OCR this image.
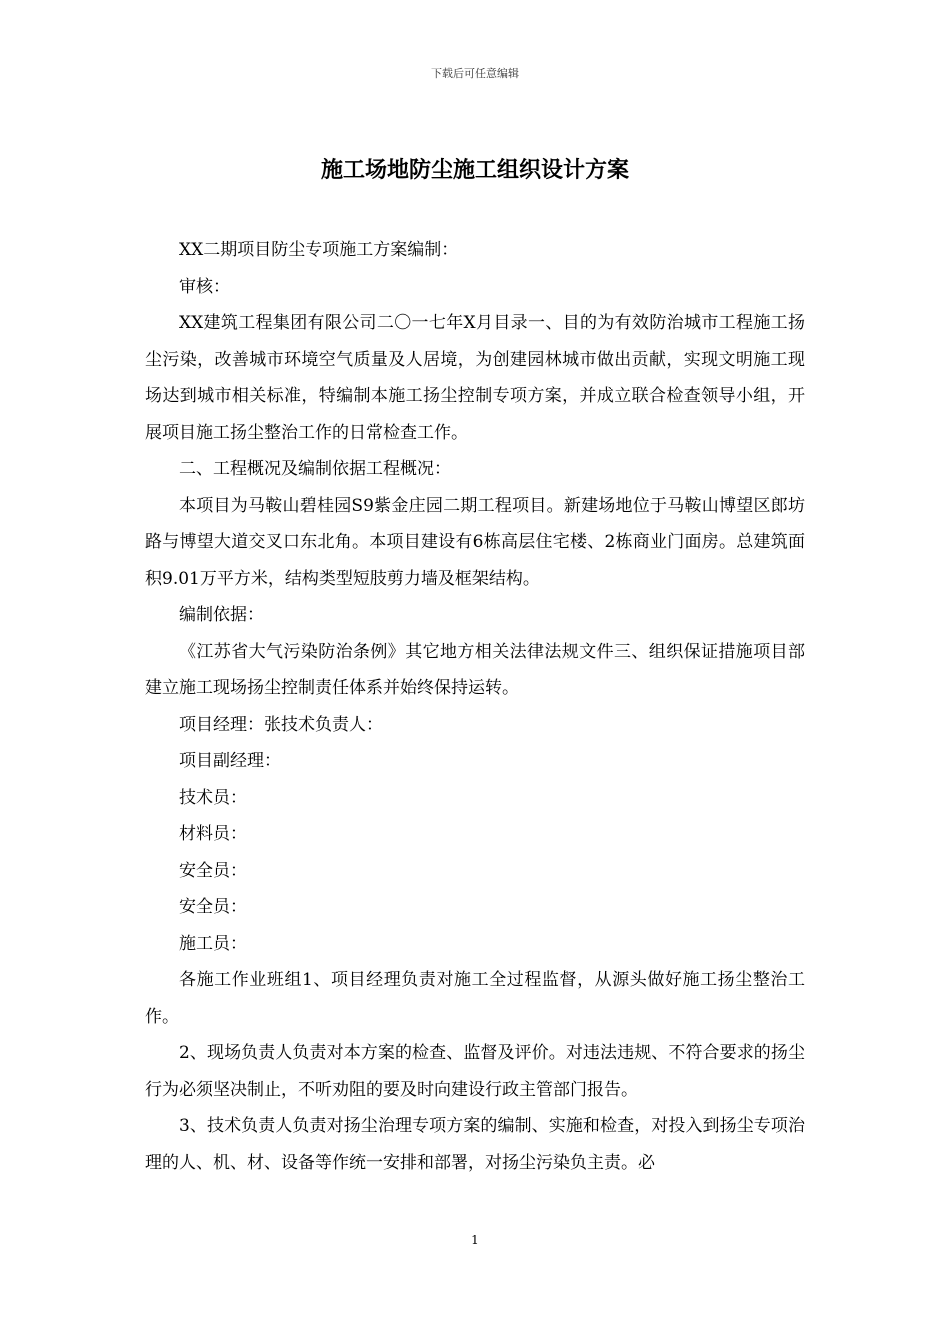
下载后可任意编辑
施工场地防尘施工组织设计方案

XX二期项目防尘专项施工方案编制：

审核：

XX建筑工程集团有限公司二〇一七年X月目录一、目的为有效防治城市工程施工扬尘污染，改善城市环境空气质量及人居境，为创建园林城市做出贡献，实现文明施工现场达到城市相关标准，特编制本施工扬尘控制专项方案，并成立联合检查领导小组，开展项目施工扬尘整治工作的日常检查工作。

二、工程概况及编制依据工程概况：

本项目为马鞍山碧桂园S9紫金庄园二期工程项目。新建场地位于马鞍山博望区郎坊路与博望大道交叉口东北角。本项目建设有6栋高层住宅楼、2栋商业门面房。总建筑面积9.01万平方米，结构类型短肢剪力墙及框架结构。

编制依据：

《江苏省大气污染防治条例》其它地方相关法律法规文件三、组织保证措施项目部建立施工现场扬尘控制责任体系并始终保持运转。

项目经理：张技术负责人：

项目副经理：

技术员：

材料员：

安全员：

安全员：

施工员：

各施工作业班组1、项目经理负责对施工全过程监督，从源头做好施工扬尘整治工作。

2、现场负责人负责对本方案的检查、监督及评价。对违法违规、不符合要求的扬尘行为必须坚决制止，不听劝阻的要及时向建设行政主管部门报告。

3、技术负责人负责对扬尘治理专项方案的编制、实施和检查，对投入到扬尘专项治理的人、机、材、设备等作统一安排和部署，对扬尘污染负主责。必

1
